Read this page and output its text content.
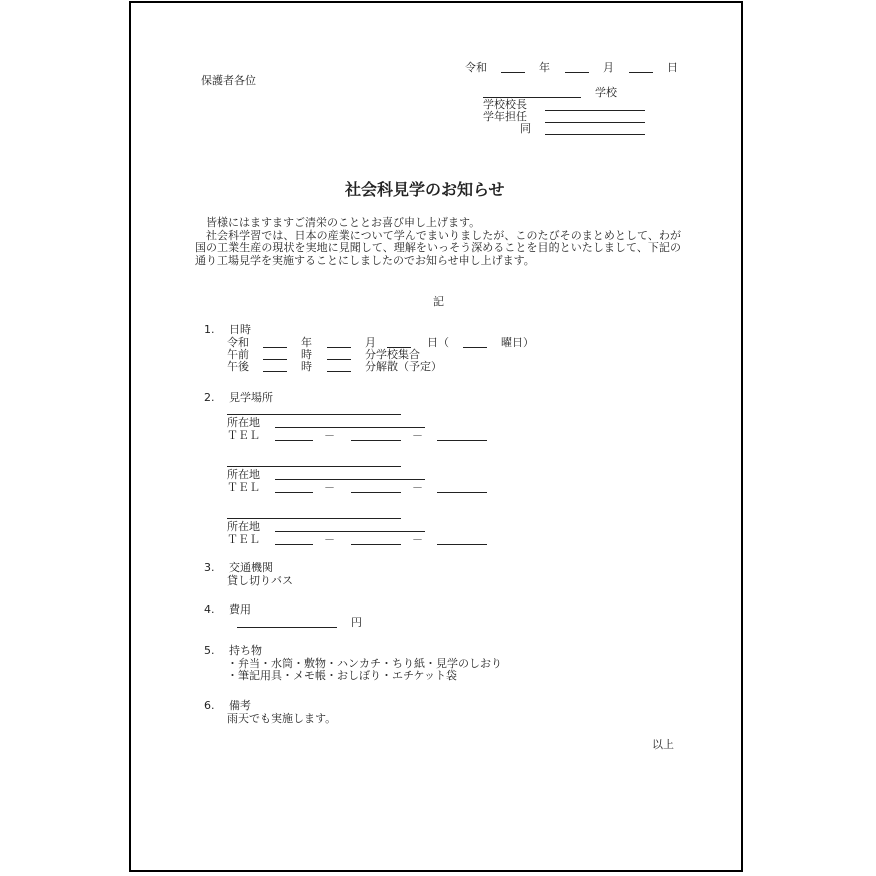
保護者各位
令和	年	月	日
学校
学校校長
学年担任
同
社会科見学のお知らせ

皆様にはますますご清栄のこととお喜び申し上げます。

社会科学習では、日本の産業について学んでまいりましたが、このたびそのまとめとして、わが国の工業生産の現状を実地に見聞して、理解をいっそう深めることを目的といたしまして、下記の通り工場見学を実施することにしましたのでお知らせ申し上げます。

記
1. 日時
令和	年	月	日（	曜日）
午前	時	分学校集合
午後	時	分解散（予定）
2. 見学場所
所在地
ＴＥＬ	－	－
所在地
ＴＥＬ	－	－
所在地
ＴＥＬ	－	－
3. 交通機関
貸し切りバス
4. 費用
円
5. 持ち物
・弁当・水筒・敷物・ハンカチ・ちり紙・見学のしおり
・筆記用具・メモ帳・おしぼり・エチケット袋
6. 備考
雨天でも実施します。
以上
